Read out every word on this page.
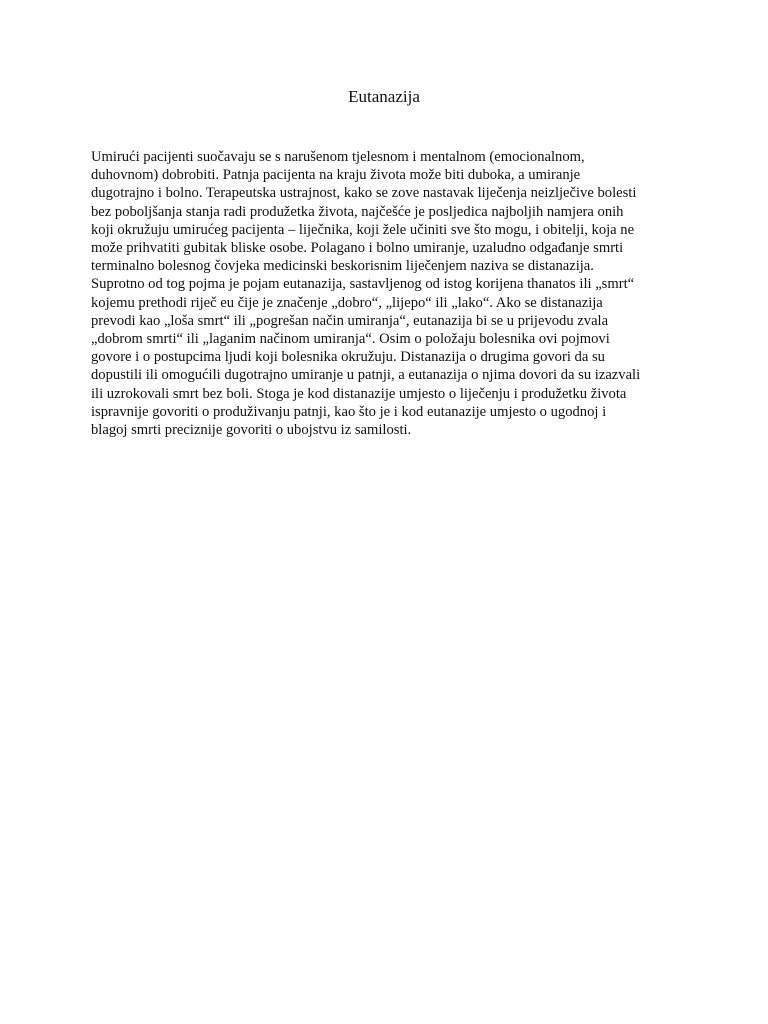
Eutanazija

Umirući pacijenti suočavaju se s narušenom tjelesnom i mentalnom (emocionalnom,
duhovnom) dobrobiti. Patnja pacijenta na kraju života može biti duboka, a umiranje
dugotrajno i bolno. Terapeutska ustrajnost, kako se zove nastavak liječenja neizlječive bolesti
bez poboljšanja stanja radi produžetka života, najčešće je posljedica najboljih namjera onih
koji okružuju umirućeg pacijenta – liječnika, koji žele učiniti sve što mogu, i obitelji, koja ne
može prihvatiti gubitak bliske osobe. Polagano i bolno umiranje, uzaludno odgađanje smrti
terminalno bolesnog čovjeka medicinski beskorisnim liječenjem naziva se distanazija.
Suprotno od tog pojma je pojam eutanazija, sastavljenog od istog korijena thanatos ili „smrt“
kojemu prethodi riječ eu čije je značenje „dobro“, „lijepo“ ili „lako“. Ako se distanazija
prevodi kao „loša smrt“ ili „pogrešan način umiranja“, eutanazija bi se u prijevodu zvala
„dobrom smrti“ ili „laganim načinom umiranja“. Osim o položaju bolesnika ovi pojmovi
govore i o postupcima ljudi koji bolesnika okružuju. Distanazija o drugima govori da su
dopustili ili omogućili dugotrajno umiranje u patnji, a eutanazija o njima dovori da su izazvali
ili uzrokovali smrt bez boli. Stoga je kod distanazije umjesto o liječenju i produžetku života
ispravnije govoriti o produživanju patnji, kao što je i kod eutanazije umjesto o ugodnoj i
blagoj smrti preciznije govoriti o ubojstvu iz samilosti.
